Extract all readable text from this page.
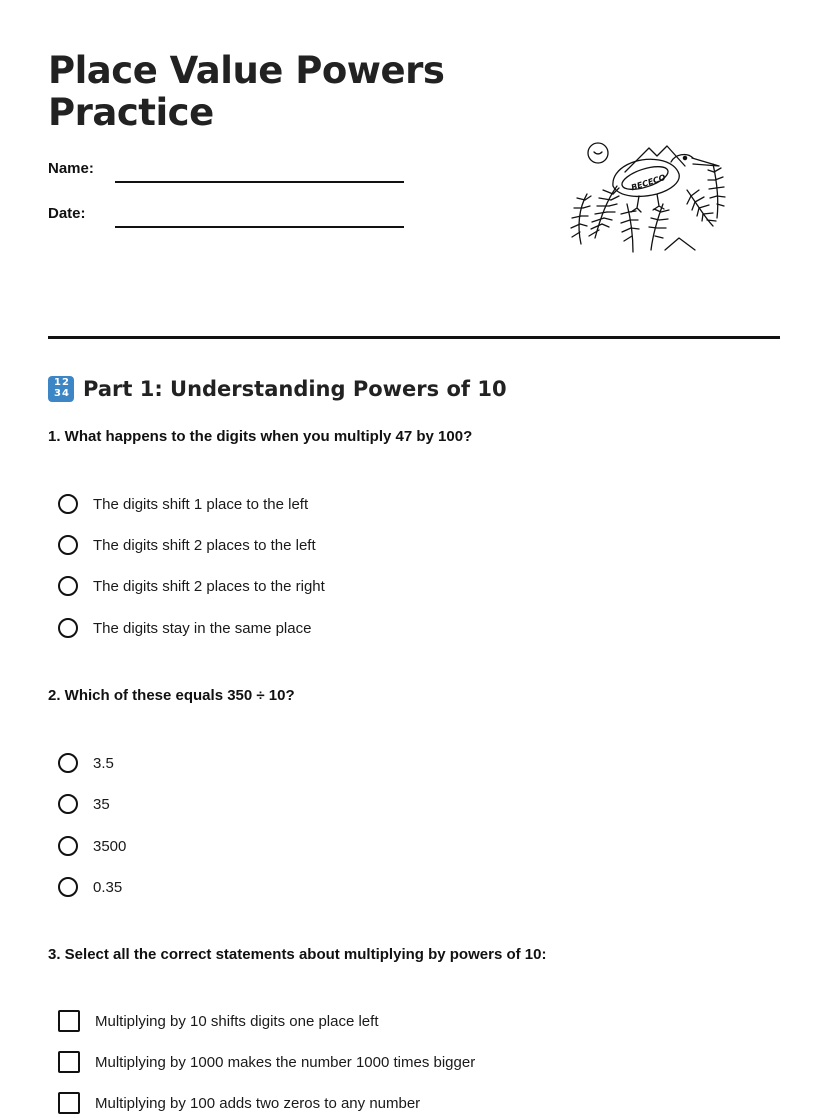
Place Value Powers
Practice
Name:
Date:
BECECO
1 2
3 4 Part 1: Understanding Powers of 10
1. What happens to the digits when you multiply 47 by 100?
The digits shift 1 place to the left
The digits shift 2 places to the left
The digits shift 2 places to the right
The digits stay in the same place
2. Which of these equals 350 ÷ 10?
3.5
35
3500
0.35
3. Select all the correct statements about multiplying by powers of 10:
Multiplying by 10 shifts digits one place left
Multiplying by 1000 makes the number 1000 times bigger
Multiplying by 100 adds two zeros to any number
